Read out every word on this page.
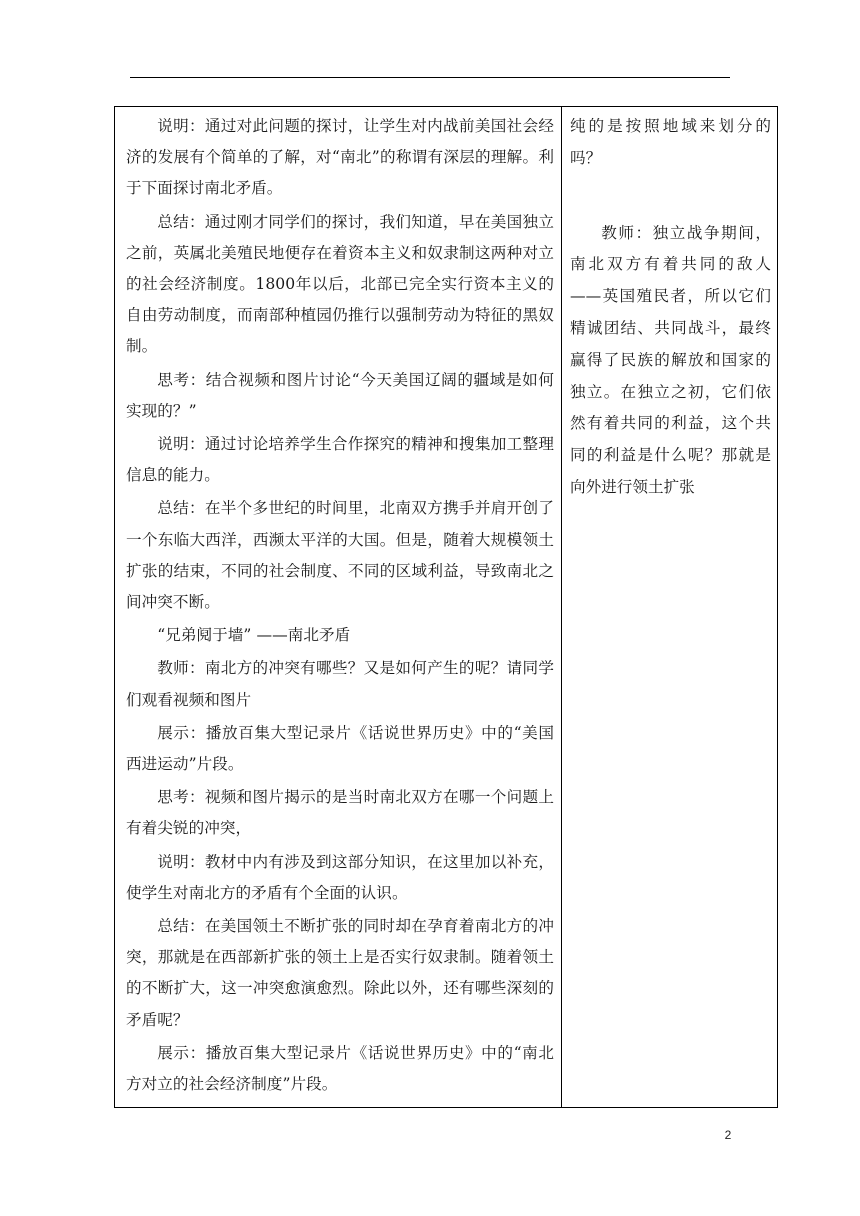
说明：通过对此问题的探讨，让学生对内战前美国社会经济的发展有个简单的了解，对“南北”的称谓有深层的理解。利于下面探讨南北矛盾。

总结：通过刚才同学们的探讨，我们知道，早在美国独立之前，英属北美殖民地便存在着资本主义和奴隶制这两种对立的社会经济制度。1800年以后，北部已完全实行资本主义的自由劳动制度，而南部种植园仍推行以强制劳动为特征的黑奴制。

思考：结合视频和图片讨论“今天美国辽阔的疆域是如何实现的？”

说明：通过讨论培养学生合作探究的精神和搜集加工整理信息的能力。

总结：在半个多世纪的时间里，北南双方携手并肩开创了一个东临大西洋，西濒太平洋的大国。但是，随着大规模领土扩张的结束，不同的社会制度、不同的区域利益，导致南北之间冲突不断。

“兄弟阋于墙” ——南北矛盾

教师：南北方的冲突有哪些？又是如何产生的呢？请同学们观看视频和图片

展示：播放百集大型记录片《话说世界历史》中的“美国西进运动”片段。

思考：视频和图片揭示的是当时南北双方在哪一个问题上有着尖锐的冲突，

说明：教材中内有涉及到这部分知识，在这里加以补充，使学生对南北方的矛盾有个全面的认识。

总结：在美国领土不断扩张的同时却在孕育着南北方的冲突，那就是在西部新扩张的领土上是否实行奴隶制。随着领土的不断扩大，这一冲突愈演愈烈。除此以外，还有哪些深刻的矛盾呢？

展示：播放百集大型记录片《话说世界历史》中的“南北方对立的社会经济制度”片段。

纯的是按照地域来划分的吗？

教师：独立战争期间，南北双方有着共同的敌人——英国殖民者，所以它们精诚团结、共同战斗，最终赢得了民族的解放和国家的独立。在独立之初，它们依然有着共同的利益，这个共同的利益是什么呢？那就是向外进行领土扩张

2
